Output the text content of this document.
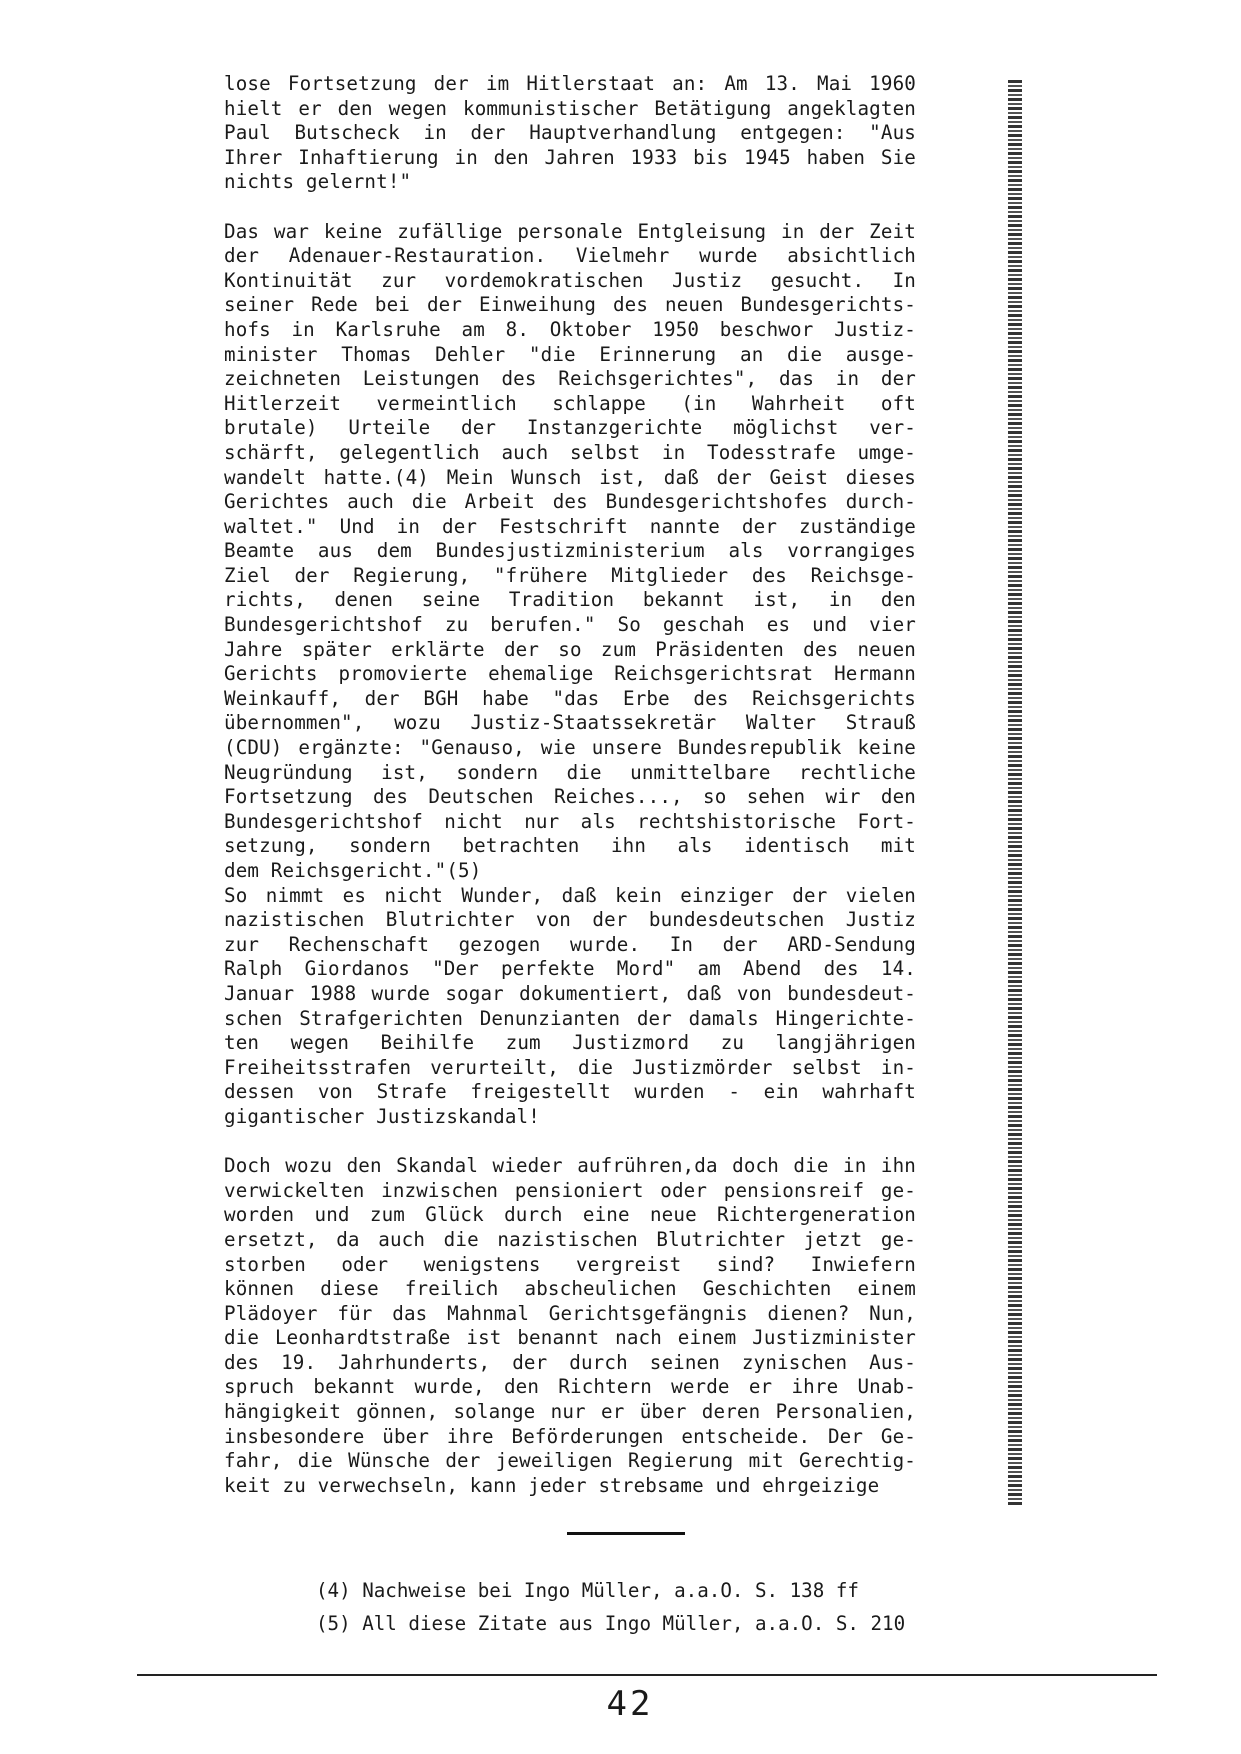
lose Fortsetzung der im Hitlerstaat an: Am 13. Mai 1960
hielt er den wegen kommunistischer Betätigung angeklagten
Paul Butscheck in der Hauptverhandlung entgegen: "Aus
Ihrer Inhaftierung in den Jahren 1933 bis 1945 haben Sie
nichts gelernt!"
Das war keine zufällige personale Entgleisung in der Zeit
der Adenauer-Restauration. Vielmehr wurde absichtlich
Kontinuität zur vordemokratischen Justiz gesucht. In
seiner Rede bei der Einweihung des neuen Bundesgerichts-
hofs in Karlsruhe am 8. Oktober 1950 beschwor Justiz-
minister Thomas Dehler "die Erinnerung an die ausge-
zeichneten Leistungen des Reichsgerichtes", das in der
Hitlerzeit vermeintlich schlappe (in Wahrheit oft
brutale) Urteile der Instanzgerichte möglichst ver-
schärft, gelegentlich auch selbst in Todesstrafe umge-
wandelt hatte.(4) Mein Wunsch ist, daß der Geist dieses
Gerichtes auch die Arbeit des Bundesgerichtshofes durch-
waltet." Und in der Festschrift nannte der zuständige
Beamte aus dem Bundesjustizministerium als vorrangiges
Ziel der Regierung, "frühere Mitglieder des Reichsge-
richts, denen seine Tradition bekannt ist, in den
Bundesgerichtshof zu berufen." So geschah es und vier
Jahre später erklärte der so zum Präsidenten des neuen
Gerichts promovierte ehemalige Reichsgerichtsrat Hermann
Weinkauff, der BGH habe "das Erbe des Reichsgerichts
übernommen", wozu Justiz-Staatssekretär Walter Strauß
(CDU) ergänzte: "Genauso, wie unsere Bundesrepublik keine
Neugründung ist, sondern die unmittelbare rechtliche
Fortsetzung des Deutschen Reiches..., so sehen wir den
Bundesgerichtshof nicht nur als rechtshistorische Fort-
setzung, sondern betrachten ihn als identisch mit
dem Reichsgericht."(5)
So nimmt es nicht Wunder, daß kein einziger der vielen
nazistischen Blutrichter von der bundesdeutschen Justiz
zur Rechenschaft gezogen wurde. In der ARD-Sendung
Ralph Giordanos "Der perfekte Mord" am Abend des 14.
Januar 1988 wurde sogar dokumentiert, daß von bundesdeut-
schen Strafgerichten Denunzianten der damals Hingerichte-
ten wegen Beihilfe zum Justizmord zu langjährigen
Freiheitsstrafen verurteilt, die Justizmörder selbst in-
dessen von Strafe freigestellt wurden - ein wahrhaft
gigantischer Justizskandal!
Doch wozu den Skandal wieder aufrühren,da doch die in ihn
verwickelten inzwischen pensioniert oder pensionsreif ge-
worden und zum Glück durch eine neue Richtergeneration
ersetzt, da auch die nazistischen Blutrichter jetzt ge-
storben oder wenigstens vergreist sind? Inwiefern
können diese freilich abscheulichen Geschichten einem
Plädoyer für das Mahnmal Gerichtsgefängnis dienen? Nun,
die Leonhardtstraße ist benannt nach einem Justizminister
des 19. Jahrhunderts, der durch seinen zynischen Aus-
spruch bekannt wurde, den Richtern werde er ihre Unab-
hängigkeit gönnen, solange nur er über deren Personalien,
insbesondere über ihre Beförderungen entscheide. Der Ge-
fahr, die Wünsche der jeweiligen Regierung mit Gerechtig-
keit zu verwechseln, kann jeder strebsame und ehrgeizige
(4) Nachweise bei Ingo Müller, a.a.O. S. 138 ff
(5) All diese Zitate aus Ingo Müller, a.a.O. S. 210
42
